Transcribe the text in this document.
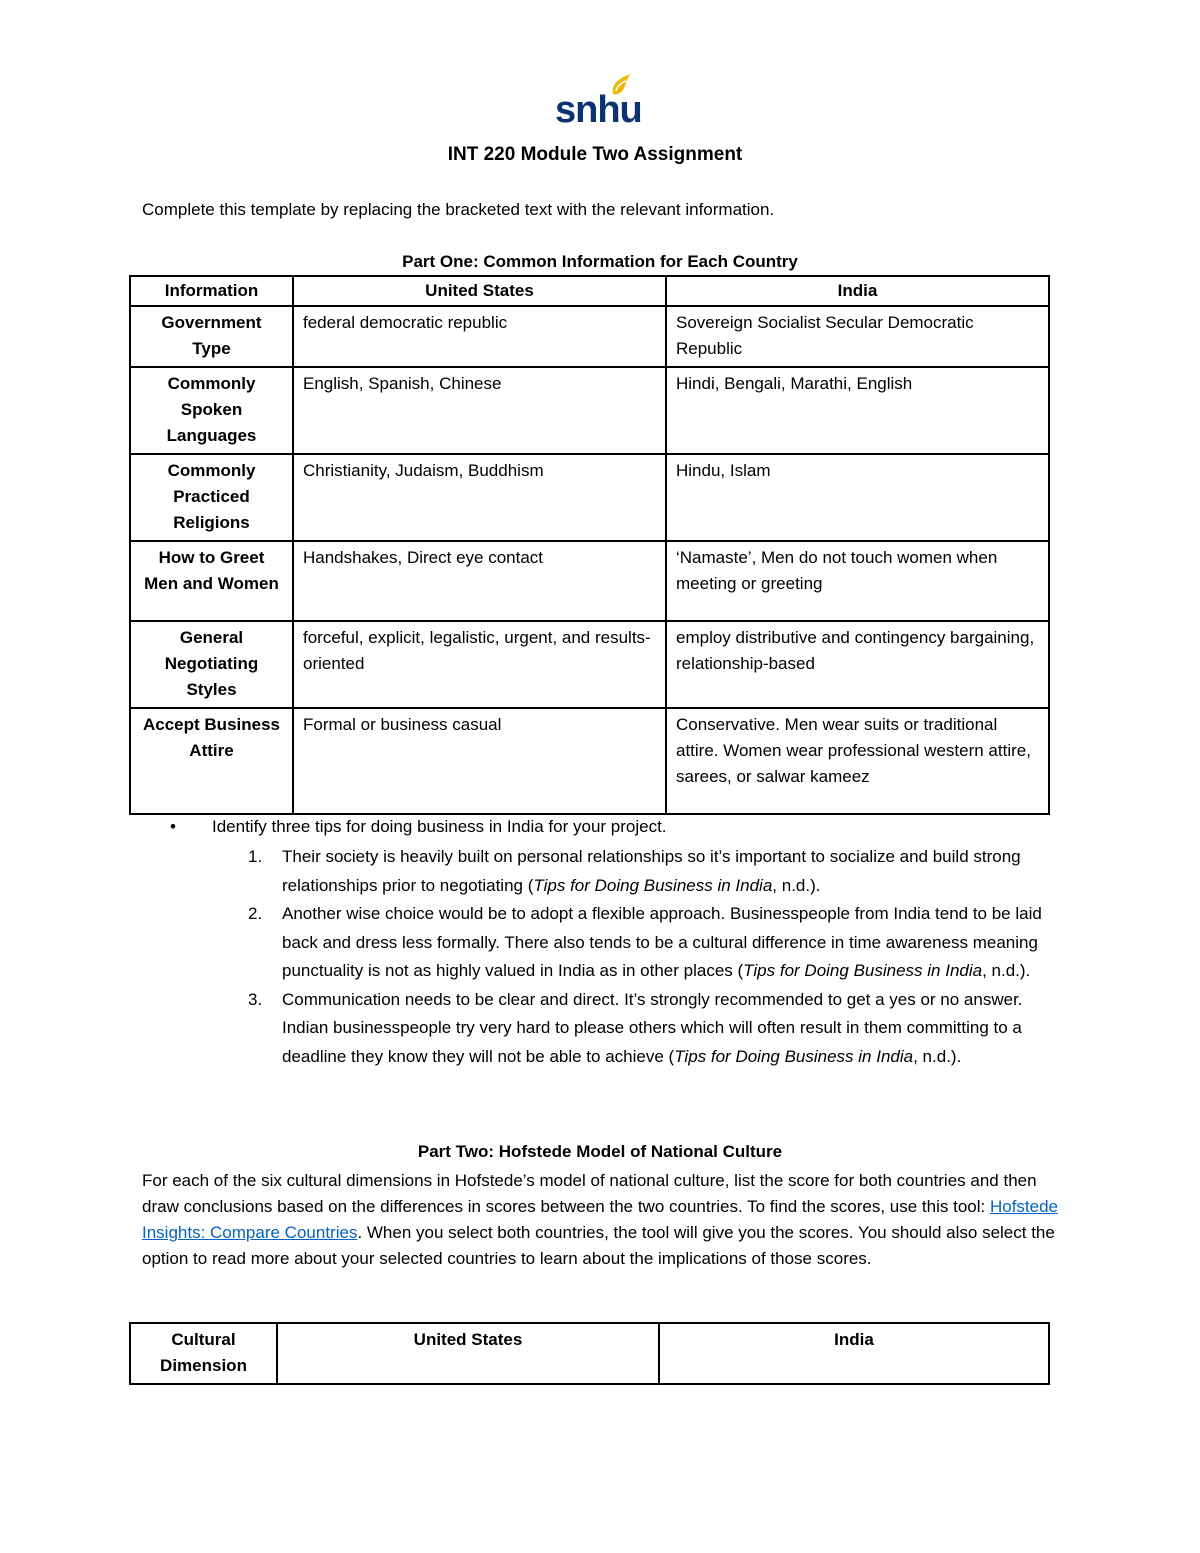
snhu
INT 220 Module Two Assignment
Complete this template by replacing the bracketed text with the relevant information.
Part One: Common Information for Each Country
Information	United States	India
Government Type	federal democratic republic	Sovereign Socialist Secular Democratic Republic
Commonly Spoken Languages	English, Spanish, Chinese	Hindi, Bengali, Marathi, English
Commonly Practiced Religions	Christianity, Judaism, Buddhism	Hindu, Islam
How to Greet Men and Women	Handshakes, Direct eye contact	‘Namaste’, Men do not touch women when meeting or greeting
General Negotiating Styles	forceful, explicit, legalistic, urgent, and results-oriented	employ distributive and contingency bargaining, relationship-based
Accept Business Attire	Formal or business casual	Conservative. Men wear suits or traditional attire. Women wear professional western attire, sarees, or salwar kameez
• Identify three tips for doing business in India for your project.
1. Their society is heavily built on personal relationships so it’s important to socialize and build strong relationships prior to negotiating (Tips for Doing Business in India, n.d.).
2. Another wise choice would be to adopt a flexible approach. Businesspeople from India tend to be laid back and dress less formally. There also tends to be a cultural difference in time awareness meaning punctuality is not as highly valued in India as in other places (Tips for Doing Business in India, n.d.).
3. Communication needs to be clear and direct. It’s strongly recommended to get a yes or no answer. Indian businesspeople try very hard to please others which will often result in them committing to a deadline they know they will not be able to achieve (Tips for Doing Business in India, n.d.).
Part Two: Hofstede Model of National Culture
For each of the six cultural dimensions in Hofstede’s model of national culture, list the score for both countries and then draw conclusions based on the differences in scores between the two countries. To find the scores, use this tool: Hofstede Insights: Compare Countries. When you select both countries, the tool will give you the scores. You should also select the option to read more about your selected countries to learn about the implications of those scores.
Cultural Dimension	United States	India
